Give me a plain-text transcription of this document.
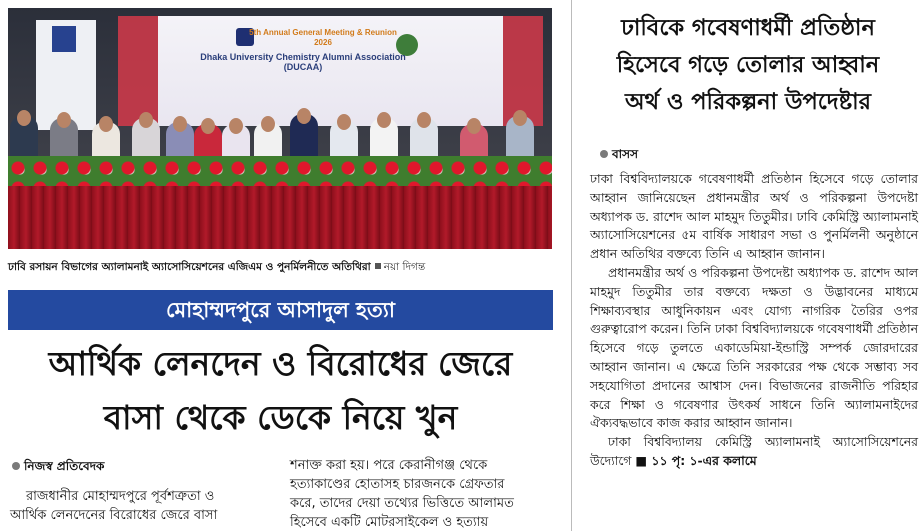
5th Annual General Meeting & Reunion 2026
Dhaka University Chemistry Alumni Association (DUCAA)
ঢাবি রসায়ন বিভাগের অ্যালামনাই অ্যাসোসিয়েশনের এজিএম ও পুনর্মিলনীতে অতিথিরা নয়া দিগন্ত
মোহাম্মদপুরে আসাদুল হত্যা
আর্থিক লেনদেন ও বিরোধের জেরে
বাসা থেকে ডেকে নিয়ে খুন
নিজস্ব প্রতিবেদক
রাজধানীর মোহাম্মদপুরে পূর্বশত্রুতা ও
আর্থিক লেনদেনের বিরোধের জেরে বাসা
শনাক্ত করা হয়। পরে কেরানীগঞ্জ থেকে
হত্যাকাণ্ডের হোতাসহ চারজনকে গ্রেফতার
করে, তাদের দেয়া তথ্যের ভিত্তিতে আলামত
হিসেবে একটি মোটরসাইকেল ও হত্যায়
ঢাবিকে গবেষণাধর্মী প্রতিষ্ঠান
হিসেবে গড়ে তোলার আহ্বান
অর্থ ও পরিকল্পনা উপদেষ্টার
বাসস

ঢাকা বিশ্ববিদ্যালয়কে গবেষণাধর্মী প্রতিষ্ঠান হিসেবে গড়ে তোলার আহ্বান জানিয়েছেন প্রধানমন্ত্রীর অর্থ ও পরিকল্পনা উপদেষ্টা অধ্যাপক ড. রাশেদ আল মাহমুদ তিতুমীর। ঢাবি কেমিস্ট্রি অ্যালামনাই অ্যাসোসিয়েশনের ৫ম বার্ষিক সাধারণ সভা ও পুনর্মিলনী অনুষ্ঠানে প্রধান অতিথির বক্তব্যে তিনি এ আহ্বান জানান।

প্রধানমন্ত্রীর অর্থ ও পরিকল্পনা উপদেষ্টা অধ্যাপক ড. রাশেদ আল মাহমুদ তিতুমীর তার বক্তব্যে দক্ষতা ও উদ্ভাবনের মাধ্যমে শিক্ষাব্যবস্থার আধুনিকায়ন এবং যোগ্য নাগরিক তৈরির ওপর গুরুত্বারোপ করেন। তিনি ঢাকা বিশ্ববিদ্যালয়কে গবেষণাধর্মী প্রতিষ্ঠান হিসেবে গড়ে তুলতে একাডেমিয়া-ইন্ডাস্ট্রি সম্পর্ক জোরদারের আহ্বান জানান। এ ক্ষেত্রে তিনি সরকারের পক্ষ থেকে সম্ভাব্য সব সহযোগিতা প্রদানের আশ্বাস দেন। বিভাজনের রাজনীতি পরিহার করে শিক্ষা ও গবেষণার উৎকর্ষ সাধনে তিনি অ্যালামনাইদের ঐক্যবদ্ধভাবে কাজ করার আহ্বান জানান।

ঢাকা বিশ্ববিদ্যালয় কেমিস্ট্রি অ্যালামনাই অ্যাসোসিয়েশনের উদ্যোগে ■ ১১ পৃ: ১-এর কলামে
